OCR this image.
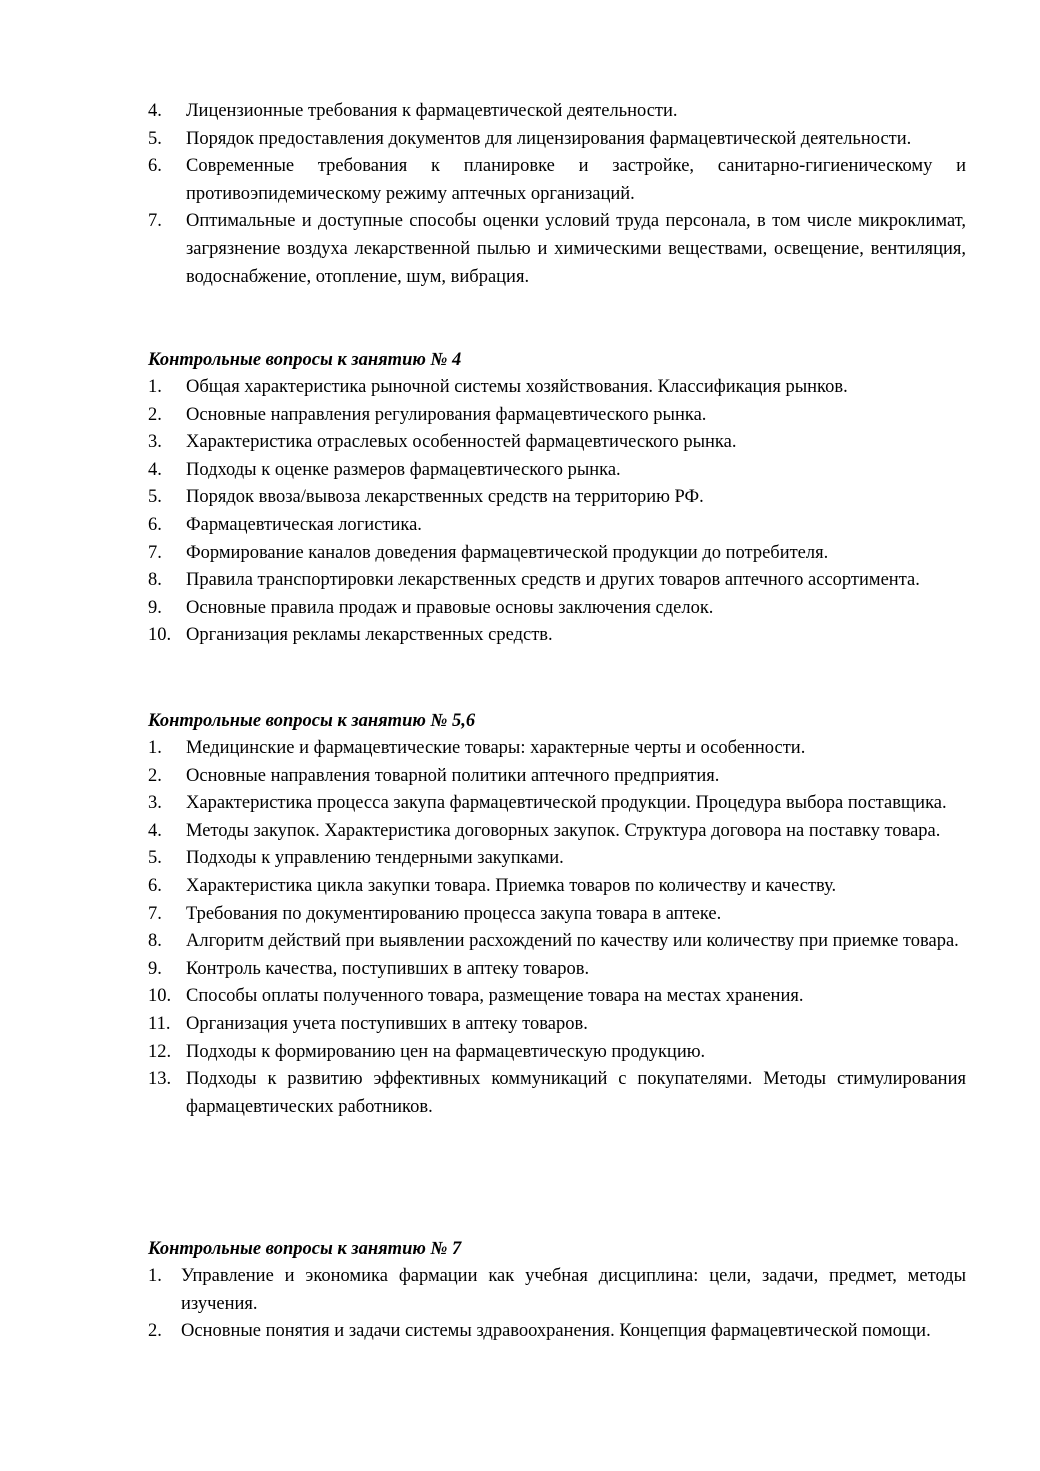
4. Лицензионные требования к фармацевтической деятельности.
5. Порядок предоставления документов для лицензирования фармацевтической деятельности.
6. Современные требования к планировке и застройке, санитарно-гигиеническому и противоэпидемическому режиму аптечных организаций.
7. Оптимальные и доступные способы оценки условий труда персонала, в том числе микроклимат, загрязнение воздуха лекарственной пылью и химическими веществами, освещение, вентиляция, водоснабжение, отопление, шум, вибрация.

Контрольные вопросы к занятию № 4

1. Общая характеристика рыночной системы хозяйствования. Классификация рынков.
2. Основные направления регулирования фармацевтического рынка.
3. Характеристика отраслевых особенностей фармацевтического рынка.
4. Подходы к оценке размеров фармацевтического рынка.
5. Порядок ввоза/вывоза лекарственных средств на территорию РФ.
6. Фармацевтическая логистика.
7. Формирование каналов доведения фармацевтической продукции до потребителя.
8. Правила транспортировки лекарственных средств и других товаров аптечного ассортимента.
9. Основные правила продаж и правовые основы заключения сделок.
10. Организация рекламы лекарственных средств.

Контрольные вопросы к занятию № 5,6

1. Медицинские и фармацевтические товары: характерные черты и особенности.
2. Основные направления товарной политики аптечного предприятия.
3. Характеристика процесса закупа фармацевтической продукции. Процедура выбора поставщика.
4. Методы закупок. Характеристика договорных закупок. Структура договора на поставку товара.
5. Подходы к управлению тендерными закупками.
6. Характеристика цикла закупки товара. Приемка товаров по количеству и качеству.
7. Требования по документированию процесса закупа товара в аптеке.
8. Алгоритм действий при выявлении расхождений по качеству или количеству при приемке товара.
9. Контроль качества, поступивших в аптеку товаров.
10. Способы оплаты полученного товара, размещение товара на местах хранения.
11. Организация учета поступивших в аптеку товаров.
12. Подходы к формированию цен на фармацевтическую продукцию.
13. Подходы к развитию эффективных коммуникаций с покупателями. Методы стимулирования фармацевтических работников.

Контрольные вопросы к занятию № 7

1. Управление и экономика фармации как учебная дисциплина: цели, задачи, предмет, методы изучения.
2. Основные понятия и задачи системы здравоохранения. Концепция фармацевтической помощи.
